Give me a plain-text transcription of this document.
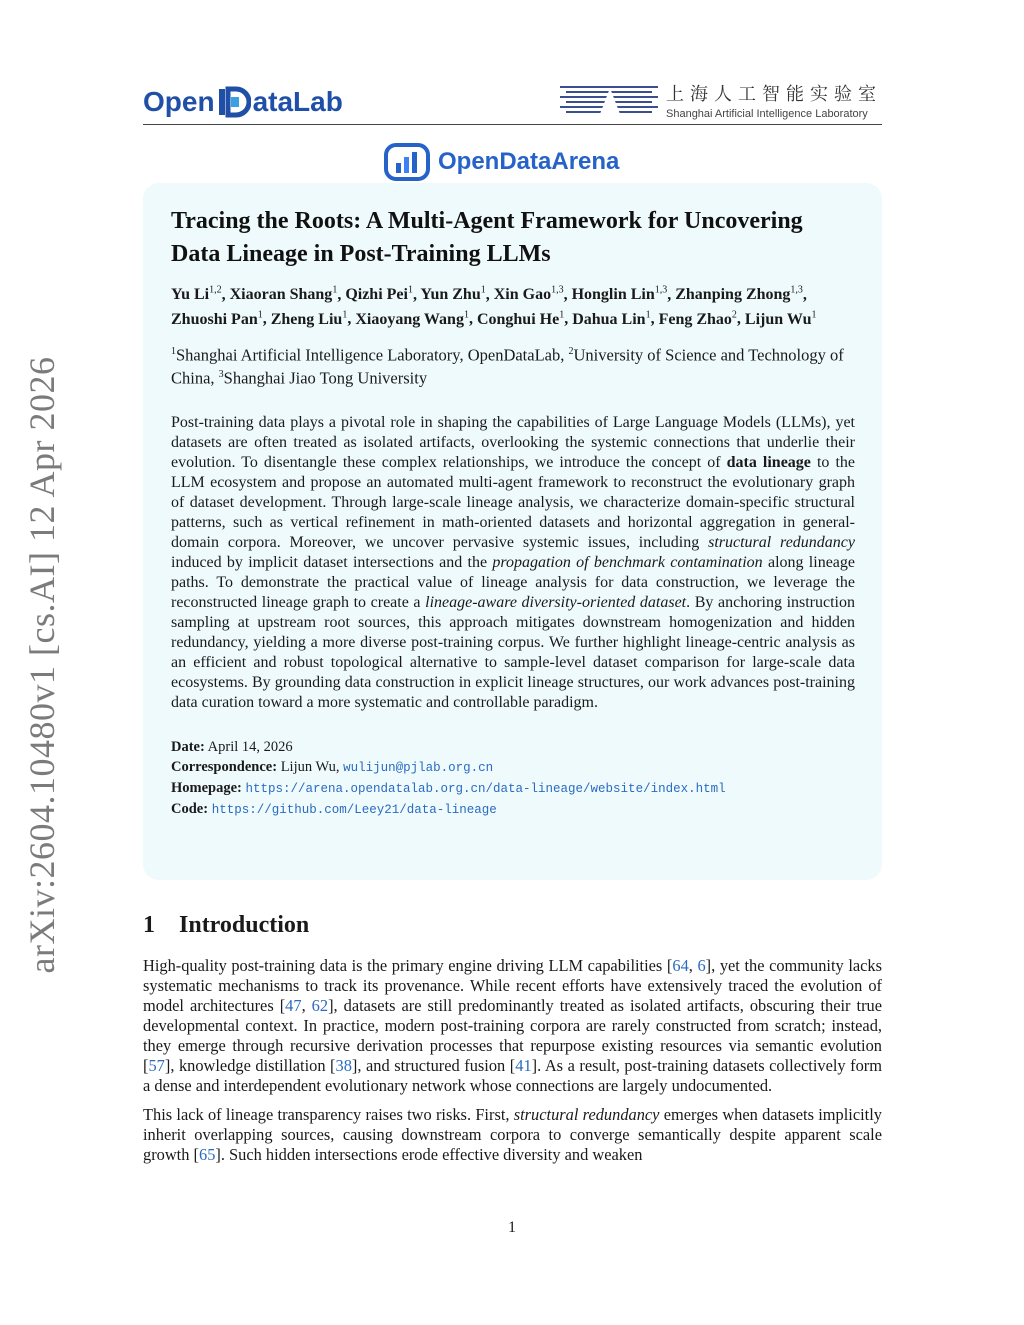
arXiv:2604.10480v1 [cs.AI] 12 Apr 2026
Open ataLab	上海人工智能实验室
Shanghai Artificial Intelligence Laboratory
OpenDataArena
Tracing the Roots: A Multi-Agent Framework for Uncovering Data Lineage in Post-Training LLMs
Yu Li$^{1,2}$, Xiaoran Shang$^1$, Qizhi Pei$^1$, Yun Zhu$^1$, Xin Gao$^{1,3}$, Honglin Lin$^{1,3}$, Zhanping Zhong$^{1,3}$, Zhuoshi Pan$^1$, Zheng Liu$^1$, Xiaoyang Wang$^1$, Conghui He$^1$, Dahua Lin$^1$, Feng Zhao$^2$, Lijun Wu$^1$
$^1$Shanghai Artificial Intelligence Laboratory, OpenDataLab, $^2$University of Science and Technology of China, $^3$Shanghai Jiao Tong University
Post-training data plays a pivotal role in shaping the capabilities of Large Language Models (LLMs), yet datasets are often treated as isolated artifacts, overlooking the systemic connections that underlie their evolution. To disentangle these complex relationships, we introduce the concept of data lineage to the LLM ecosystem and propose an automated multi-agent framework to reconstruct the evolutionary graph of dataset development. Through large-scale lineage analysis, we characterize domain-specific structural patterns, such as vertical refinement in math-oriented datasets and horizontal aggregation in general-domain corpora. Moreover, we uncover pervasive systemic issues, including structural redundancy induced by implicit dataset intersections and the propagation of benchmark contamination along lineage paths. To demonstrate the practical value of lineage analysis for data construction, we leverage the reconstructed lineage graph to create a lineage-aware diversity-oriented dataset. By anchoring instruction sampling at upstream root sources, this approach mitigates downstream homogenization and hidden redundancy, yielding a more diverse post-training corpus. We further highlight lineage-centric analysis as an efficient and robust topological alternative to sample-level dataset comparison for large-scale data ecosystems. By grounding data construction in explicit lineage structures, our work advances post-training data curation toward a more systematic and controllable paradigm.
Date: April 14, 2026
Correspondence: Lijun Wu, wulijun@pjlab.org.cn
Homepage: https://arena.opendatalab.org.cn/data-lineage/website/index.html
Code: https://github.com/Leey21/data-lineage
1 Introduction

High-quality post-training data is the primary engine driving LLM capabilities [64, 6], yet the community lacks systematic mechanisms to track its provenance. While recent efforts have extensively traced the evolution of model architectures [47, 62], datasets are still predominantly treated as isolated artifacts, obscuring their true developmental context. In practice, modern post-training corpora are rarely constructed from scratch; instead, they emerge through recursive derivation processes that repurpose existing resources via semantic evolution [57], knowledge distillation [38], and structured fusion [41]. As a result, post-training datasets collectively form a dense and interdependent evolutionary network whose connections are largely undocumented.

This lack of lineage transparency raises two risks. First, structural redundancy emerges when datasets implicitly inherit overlapping sources, causing downstream corpora to converge semantically despite apparent scale growth [65]. Such hidden intersections erode effective diversity and weaken

1
